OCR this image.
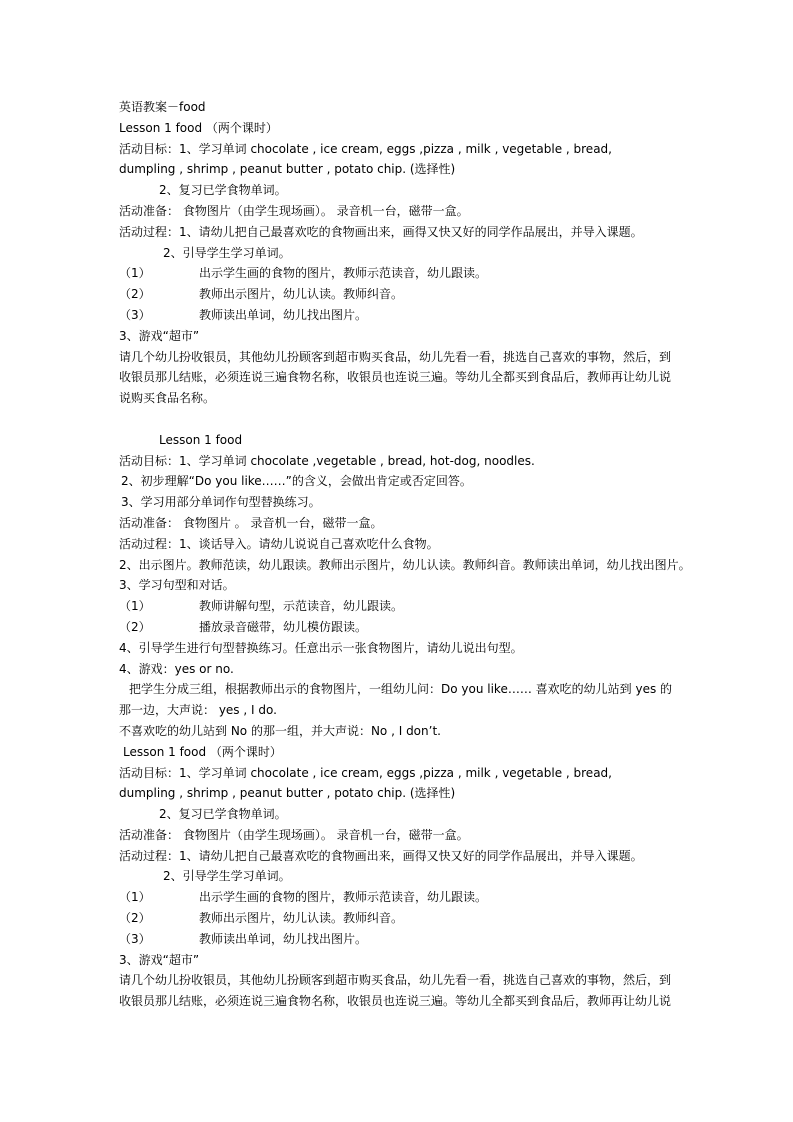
英语教案－food
Lesson 1 food （两个课时）
活动目标：1、学习单词 chocolate , ice cream, eggs ,pizza , milk , vegetable , bread,
dumpling , shrimp , peanut butter , potato chip. (选择性)
2、复习已学食物单词。
活动准备： 食物图片（由学生现场画）。 录音机一台，磁带一盒。
活动过程：1、请幼儿把自己最喜欢吃的食物画出来，画得又快又好的同学作品展出，并导入课题。
2、引导学生学习单词。
（1）	出示学生画的食物的图片，教师示范读音，幼儿跟读。
（2）	教师出示图片，幼儿认读。教师纠音。
（3）	教师读出单词，幼儿找出图片。
3、游戏“超市”
请几个幼儿扮收银员，其他幼儿扮顾客到超市购买食品，幼儿先看一看，挑选自己喜欢的事物，然后，到
收银员那儿结账，必须连说三遍食物名称，收银员也连说三遍。等幼儿全都买到食品后，教师再让幼儿说
说购买食品名称。
Lesson 1 food
活动目标：1、学习单词 chocolate ,vegetable , bread, hot-dog, noodles.
2、初步理解“Do you like……”的含义，会做出肯定或否定回答。
3、学习用部分单词作句型替换练习。
活动准备： 食物图片 。 录音机一台，磁带一盒。
活动过程：1、谈话导入。请幼儿说说自己喜欢吃什么食物。
2、出示图片。教师范读，幼儿跟读。教师出示图片，幼儿认读。教师纠音。教师读出单词，幼儿找出图片。
3、学习句型和对话。
（1）	教师讲解句型，示范读音，幼儿跟读。
（2）	播放录音磁带，幼儿模仿跟读。
4、引导学生进行句型替换练习。任意出示一张食物图片，请幼儿说出句型。
4、游戏：yes or no.
把学生分成三组，根据教师出示的食物图片，一组幼儿问：Do you like…… 喜欢吃的幼儿站到 yes 的
那一边，大声说： yes , I do.
不喜欢吃的幼儿站到 No 的那一组，并大声说：No , I don’t.
Lesson 1 food （两个课时）
活动目标：1、学习单词 chocolate , ice cream, eggs ,pizza , milk , vegetable , bread,
dumpling , shrimp , peanut butter , potato chip. (选择性)
2、复习已学食物单词。
活动准备： 食物图片（由学生现场画）。 录音机一台，磁带一盒。
活动过程：1、请幼儿把自己最喜欢吃的食物画出来，画得又快又好的同学作品展出，并导入课题。
2、引导学生学习单词。
（1）	出示学生画的食物的图片，教师示范读音，幼儿跟读。
（2）	教师出示图片，幼儿认读。教师纠音。
（3）	教师读出单词，幼儿找出图片。
3、游戏“超市”
请几个幼儿扮收银员，其他幼儿扮顾客到超市购买食品，幼儿先看一看，挑选自己喜欢的事物，然后，到
收银员那儿结账，必须连说三遍食物名称，收银员也连说三遍。等幼儿全都买到食品后，教师再让幼儿说
